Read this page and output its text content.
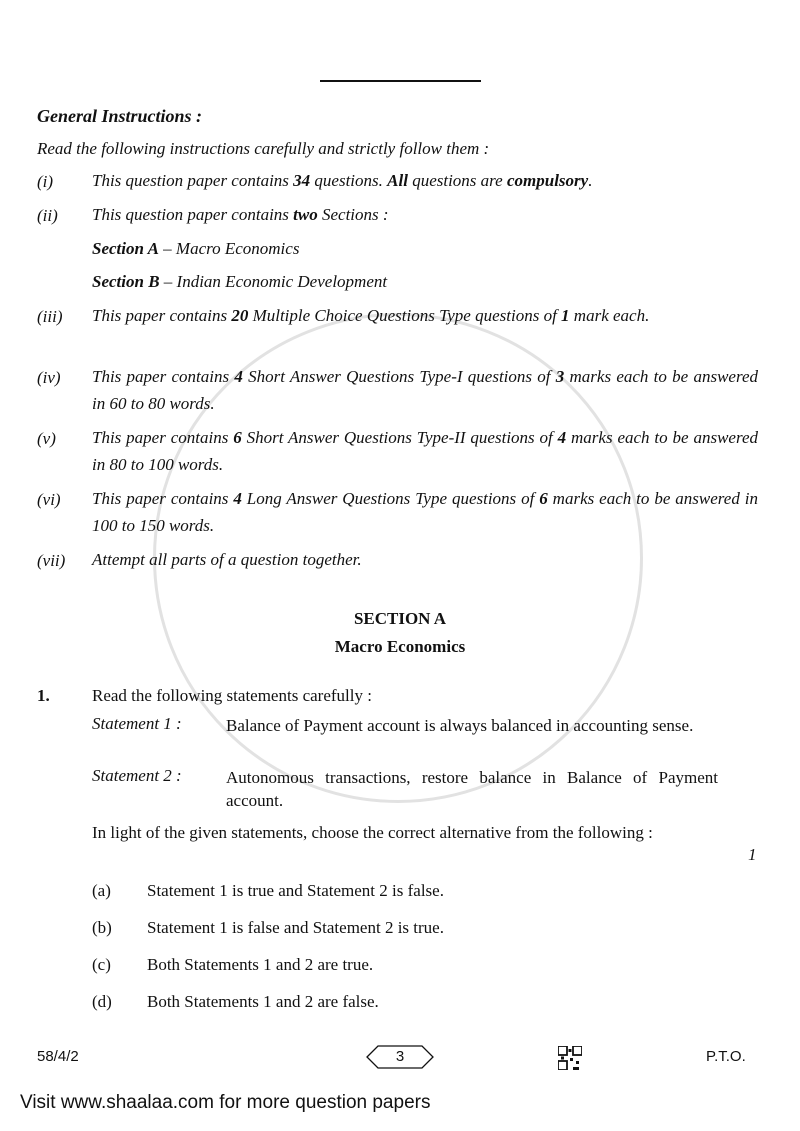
General Instructions :
Read the following instructions carefully and strictly follow them :
(i) This question paper contains 34 questions. All questions are compulsory.
(ii) This question paper contains two Sections :
Section A – Macro Economics
Section B – Indian Economic Development
(iii) This paper contains 20 Multiple Choice Questions Type questions of 1 mark each.
(iv) This paper contains 4 Short Answer Questions Type-I questions of 3 marks each to be answered in 60 to 80 words.
(v) This paper contains 6 Short Answer Questions Type-II questions of 4 marks each to be answered in 80 to 100 words.
(vi) This paper contains 4 Long Answer Questions Type questions of 6 marks each to be answered in 100 to 150 words.
(vii) Attempt all parts of a question together.
SECTION A
Macro Economics
1. Read the following statements carefully :
Statement 1 :	Balance of Payment account is always balanced in accounting sense.
Statement 2 :	Autonomous transactions, restore balance in Balance of Payment account.
In light of the given statements, choose the correct alternative from the following :
1
(a) Statement 1 is true and Statement 2 is false.
(b) Statement 1 is false and Statement 2 is true.
(c) Both Statements 1 and 2 are true.
(d) Both Statements 1 and 2 are false.
58/4/2	3	P.T.O.
Visit www.shaalaa.com for more question papers
